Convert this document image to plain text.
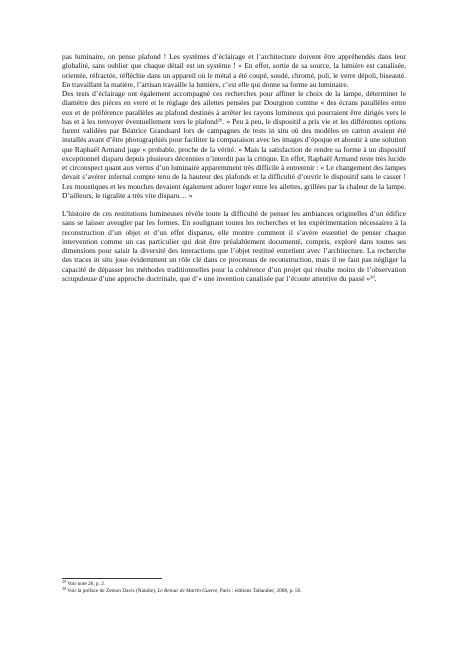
pas luminaire, on pense plafond ! Les systèmes d’éclairage et l’architecture doivent être appréhendés dans leur globalité, sans oublier que chaque détail est un système ! » En effet, sortie de sa source, la lumière est canalisée, orientée, réfractée, réfléchie dans un appareil où le métal a été coupé, soudé, chromé, poli, le verre dépoli, biseauté. En travaillant la matière, l’artisan travaille la lumière, c’est elle qui donne sa forme au luminaire.

Des tests d’éclairage ont également accompagné ces recherches pour affiner le choix de la lampe, déterminer le diamètre des pièces en verre et le réglage des ailettes pensées par Dourgnon comme « des écrans parallèles entre eux et de préférence parallèles au plafond destinés à arrêter les rayons lumineux qui pourraient être dirigés vers le bas et à les renvoyer éventuellement vers le plafond$^{29}$. » Peu à peu, le dispositif a pris vie et les différentes options furent validées par Béatrice Grandsard lors de campagnes de tests in situ où des modèles en carton avaient été installés avant d’être photographiés pour faciliter la comparaison avec les images d’époque et aboutir à une solution que Raphaël Armand juge « probable, proche de la vérité. » Mais la satisfaction de rendre sa forme à un dispositif exceptionnel disparu depuis plusieurs décennies n’interdit pas la critique. En effet, Raphaël Armand reste très lucide et circonspect quant aux vertus d’un luminaire apparemment très difficile à entretenir : « Le changement des lampes devait s’avérer infernal compte tenu de la hauteur des plafonds et la difficulté d’ouvrir le dispositif sans le casser ! Les moustiques et les mouches devaient également adorer loger entre les ailettes, grillées par la chaleur de la lampe. D’ailleurs, le tigralite a très vite disparu… »

L’histoire de ces restitutions lumineuses révèle toute la difficulté de penser les ambiances originelles d’un édifice sans se laisser aveugler par les formes. En soulignant toutes les recherches et les expérimentation nécessaires à la reconstruction d’un objet et d’un effet disparus, elle montre comment il s’avère essentiel de penser chaque intervention comme un cas particulier qui doit être préalablement documenté, compris, exploré dans toutes ses dimensions pour saisir la diversité des interactions que l’objet restitué entretient avec l’architecture. La recherche des traces in situ joue évidemment un rôle clé dans ce processus de reconstruction, mais il ne faut pas négliger la capacité de dépasser les méthodes traditionnelles pour la cohérence d’un projet qui résulte moins de l’observation scrupuleuse d’une approche doctrinale, que d’« une invention canalisée par l’écoute attentive du passé »$^{30}$.

$^{29}$ Voir note 26, p. 2.

$^{30}$ Voir la préface de Zemon Davis (Natalie), Le Retour de Martin Guerre, Paris : éditions Tallandier, 2008, p. 56.
